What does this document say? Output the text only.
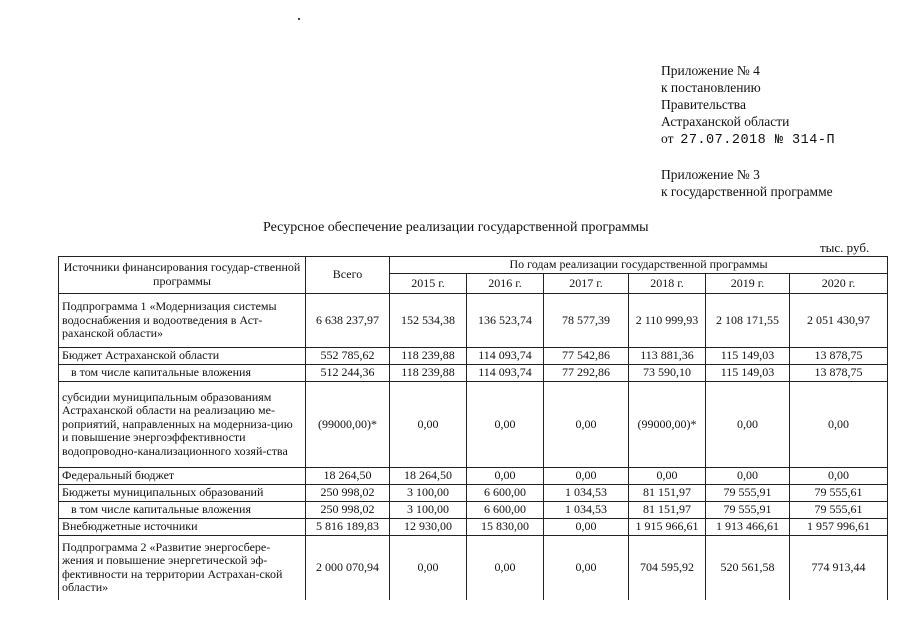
Приложение № 4
к постановлению
Правительства
Астраханской области
от 27.07.2018 № 314-П
Приложение № 3
к государственной программе
Ресурсное обеспечение реализации государственной программы
тыс. руб.
Источники финансирования государ-ственной программы	Всего	По годам реализации государственной программы					
		2015 г.	2016 г.	2017 г.	2018 г.	2019 г.	2020 г.
Подпрограмма 1 «Модернизация системы водоснабжения и водоотведения в Аст-раханской области»	6 638 237,97	152 534,38	136 523,74	78 577,39	2 110 999,93	2 108 171,55	2 051 430,97
Бюджет Астраханской области	552 785,62	118 239,88	114 093,74	77 542,86	113 881,36	115 149,03	13 878,75
в том числе капитальные вложения	512 244,36	118 239,88	114 093,74	77 292,86	73 590,10	115 149,03	13 878,75
субсидии муниципальным образованиям Астраханской области на реализацию ме-роприятий, направленных на модерниза-цию и повышение энергоэффективности водопроводно-канализационного хозяй-ства	(99000,00)*	0,00	0,00	0,00	(99000,00)*	0,00	0,00
Федеральный бюджет	18 264,50	18 264,50	0,00	0,00	0,00	0,00	0,00
Бюджеты муниципальных образований	250 998,02	3 100,00	6 600,00	1 034,53	81 151,97	79 555,91	79 555,61
в том числе капитальные вложения	250 998,02	3 100,00	6 600,00	1 034,53	81 151,97	79 555,91	79 555,61
Внебюджетные источники	5 816 189,83	12 930,00	15 830,00	0,00	1 915 966,61	1 913 466,61	1 957 996,61
Подпрограмма 2 «Развитие энергосбере-жения и повышение энергетической эф-фективности на территории Астрахан-ской области»	2 000 070,94	0,00	0,00	0,00	704 595,92	520 561,58	774 913,44
